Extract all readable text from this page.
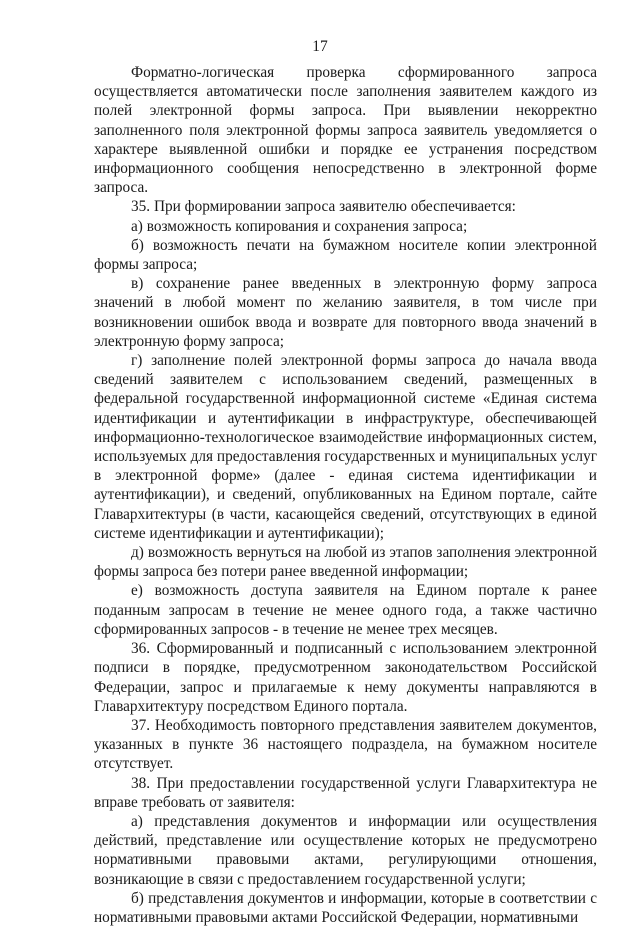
17

Форматно-логическая проверка сформированного запроса осуществляется автоматически после заполнения заявителем каждого из полей электронной формы запроса. При выявлении некорректно заполненного поля электронной формы запроса заявитель уведомляется о характере выявленной ошибки и порядке ее устранения посредством информационного сообщения непосредственно в электронной форме запроса.

35. При формировании запроса заявителю обеспечивается:

а) возможность копирования и сохранения запроса;

б) возможность печати на бумажном носителе копии электронной формы запроса;

в) сохранение ранее введенных в электронную форму запроса значений в любой момент по желанию заявителя, в том числе при возникновении ошибок ввода и возврате для повторного ввода значений в электронную форму запроса;

г) заполнение полей электронной формы запроса до начала ввода сведений заявителем с использованием сведений, размещенных в федеральной государственной информационной системе «Единая система идентификации и аутентификации в инфраструктуре, обеспечивающей информационно-технологическое взаимодействие информационных систем, используемых для предоставления государственных и муниципальных услуг в электронной форме» (далее - единая система идентификации и аутентификации), и сведений, опубликованных на Едином портале, сайте Главархитектуры (в части, касающейся сведений, отсутствующих в единой системе идентификации и аутентификации);

д) возможность вернуться на любой из этапов заполнения электронной формы запроса без потери ранее введенной информации;

е) возможность доступа заявителя на Едином портале к ранее поданным запросам в течение не менее одного года, а также частично сформированных запросов - в течение не менее трех месяцев.

36. Сформированный и подписанный с использованием электронной подписи в порядке, предусмотренном законодательством Российской Федерации, запрос и прилагаемые к нему документы направляются в Главархитектуру посредством Единого портала.

37. Необходимость повторного представления заявителем документов, указанных в пункте 36 настоящего подраздела, на бумажном носителе отсутствует.

38. При предоставлении государственной услуги Главархитектура не вправе требовать от заявителя:

а) представления документов и информации или осуществления действий, представление или осуществление которых не предусмотрено нормативными правовыми актами, регулирующими отношения, возникающие в связи с предоставлением государственной услуги;

б) представления документов и информации, которые в соответствии с нормативными правовыми актами Российской Федерации, нормативными
